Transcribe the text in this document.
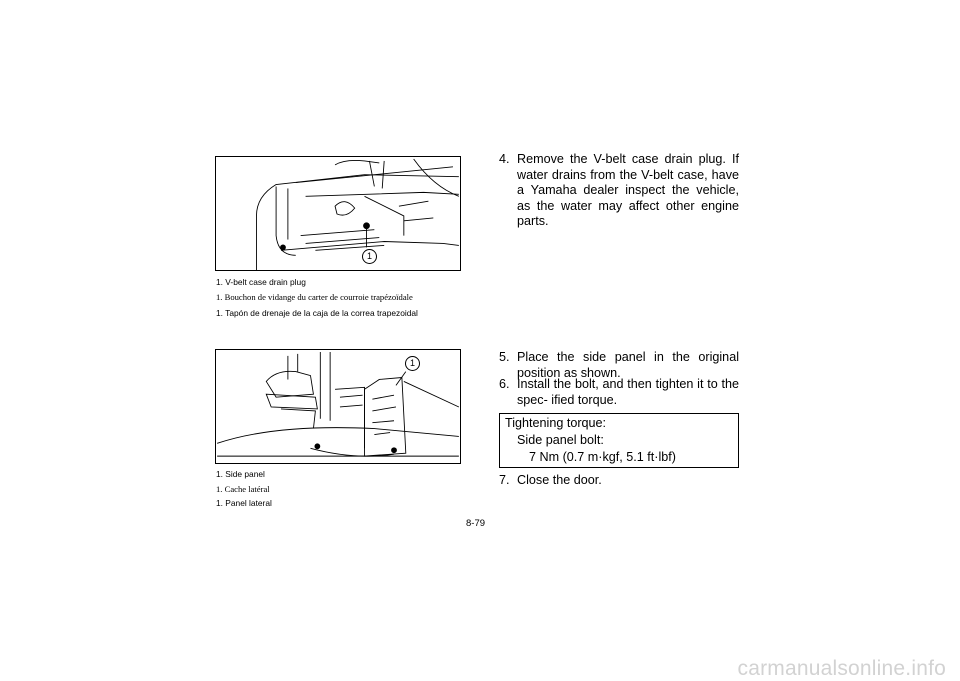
1
1. V-belt case drain plug
1. Bouchon de vidange du carter de courroie trapézoïdale
1. Tapón de drenaje de la caja de la correa trapezoidal
1
1. Side panel
1. Cache latéral
1. Panel lateral
4. Remove the V-belt case drain plug. If water drains from the V-belt case, have a Yamaha dealer inspect the vehicle, as the water may affect other engine parts.
5. Place the side panel in the original position as shown.
6. Install the bolt, and then tighten it to the spec- ified torque.
Tightening torque:
Side panel bolt:
7 Nm (0.7 m·kgf, 5.1 ft·lbf)
7. Close the door.
8-79
carmanualsonline.info
